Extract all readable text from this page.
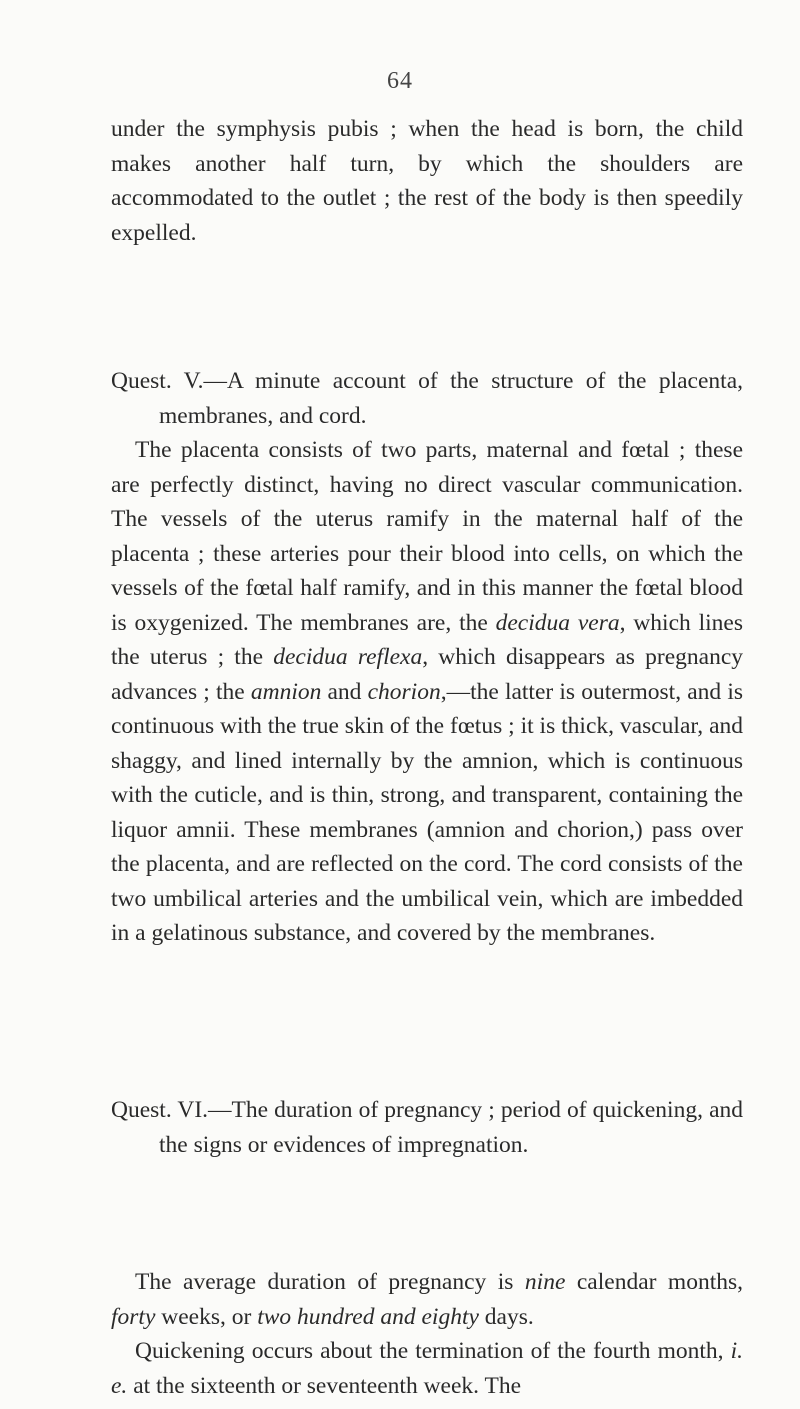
64

under the symphysis pubis ; when the head is born, the child makes another half turn, by which the shoulders are accommodated to the outlet ; the rest of the body is then speedily expelled.

Quest. V.—A minute account of the structure of the placenta, membranes, and cord.

The placenta consists of two parts, maternal and fœtal ; these are perfectly distinct, having no direct vascular communication. The vessels of the uterus ramify in the maternal half of the placenta ; these arteries pour their blood into cells, on which the vessels of the fœtal half ramify, and in this manner the fœtal blood is oxygenized. The membranes are, the decidua vera, which lines the uterus ; the decidua reflexa, which disappears as pregnancy advances ; the amnion and chorion,—the latter is outermost, and is continuous with the true skin of the fœtus ; it is thick, vascular, and shaggy, and lined internally by the amnion, which is continuous with the cuticle, and is thin, strong, and transparent, containing the liquor amnii. These membranes (amnion and chorion,) pass over the placenta, and are reflected on the cord. The cord consists of the two umbilical arteries and the umbilical vein, which are imbedded in a gelatinous substance, and covered by the membranes.

Quest. VI.—The duration of pregnancy ; period of quickening, and the signs or evidences of impregnation.

The average duration of pregnancy is nine calendar months, forty weeks, or two hundred and eighty days.

Quickening occurs about the termination of the fourth month, i. e. at the sixteenth or seventeenth week. The
